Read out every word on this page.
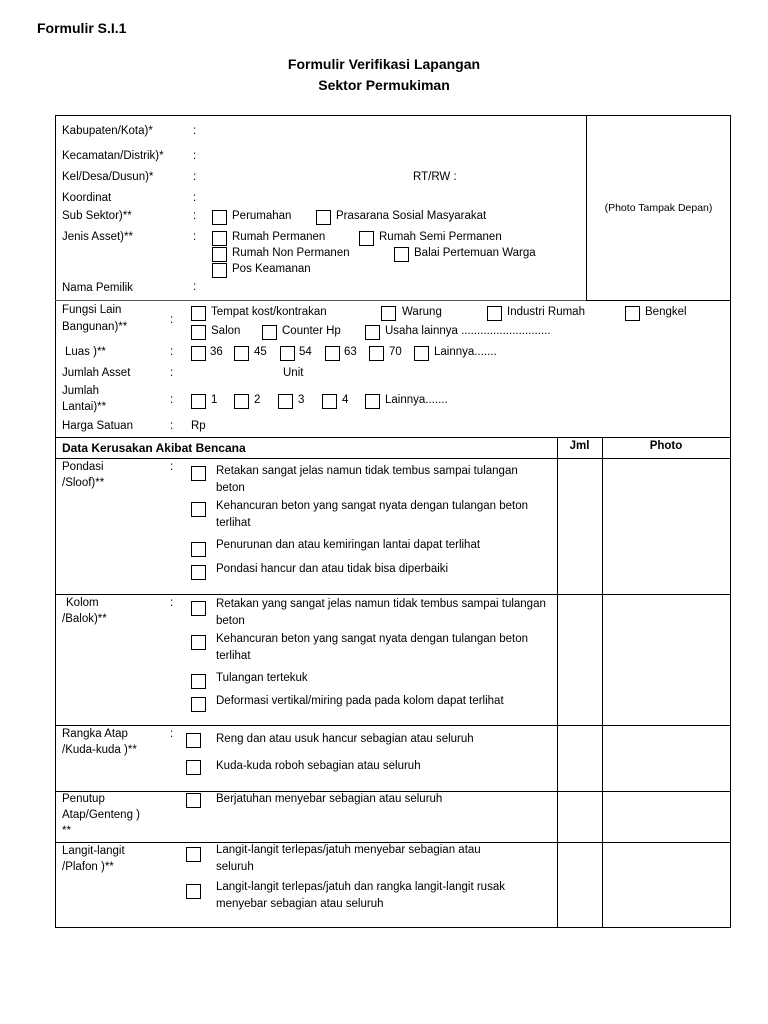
Formulir S.I.1
Formulir Verifikasi Lapangan
Sektor Permukiman
(Photo Tampak Depan)
Kabupaten/Kota)*	:
Kecamatan/Distrik)*	:
Kel/Desa/Dusun)*	:	RT/RW :
Koordinat	:
Sub Sektor)**	:	Perumahan	Prasarana Sosial Masyarakat
Jenis Asset)**	:	Rumah Permanen	Rumah Semi Permanen
Rumah Non Permanen	Balai Pertemuan Warga
Pos Keamanan
Nama Pemilik	:
Fungsi Lain
Bangunan)**
:
Tempat kost/kontrakan	Warung	Industri Rumah	Bengkel
Salon	Counter Hp	Usaha lainnya ............................
Luas )**	:	36	45	54	63	70	Lainnya.......
Jumlah Asset	:	Unit
Jumlah
Lantai)**
:	1	2	3	4	Lainnya.......
Harga Satuan	: Rp
Data Kerusakan Akibat Bencana	Jml	Photo
Pondasi
/Sloof)**
:	Retakan sangat jelas namun tidak tembus sampai tulangan beton
Kehancuran beton yang sangat nyata dengan tulangan beton terlihat
Penurunan dan atau kemiringan lantai dapat terlihat
Pondasi hancur dan atau tidak bisa diperbaiki
Kolom
/Balok)**
:	Retakan yang sangat jelas namun tidak tembus sampai tulangan beton
Kehancuran beton yang sangat nyata dengan tulangan beton terlihat
Tulangan tertekuk
Deformasi vertikal/miring pada pada kolom dapat terlihat
Rangka Atap
/Kuda-kuda )**
:	Reng dan atau usuk hancur sebagian atau seluruh
Kuda-kuda roboh sebagian atau seluruh
Penutup
Atap/Genteng )
**
Berjatuhan menyebar sebagian atau seluruh
Langit-langit
/Plafon )**
Langit-langit terlepas/jatuh menyebar sebagian atau seluruh
Langit-langit terlepas/jatuh dan rangka langit-langit rusak menyebar sebagian atau seluruh
